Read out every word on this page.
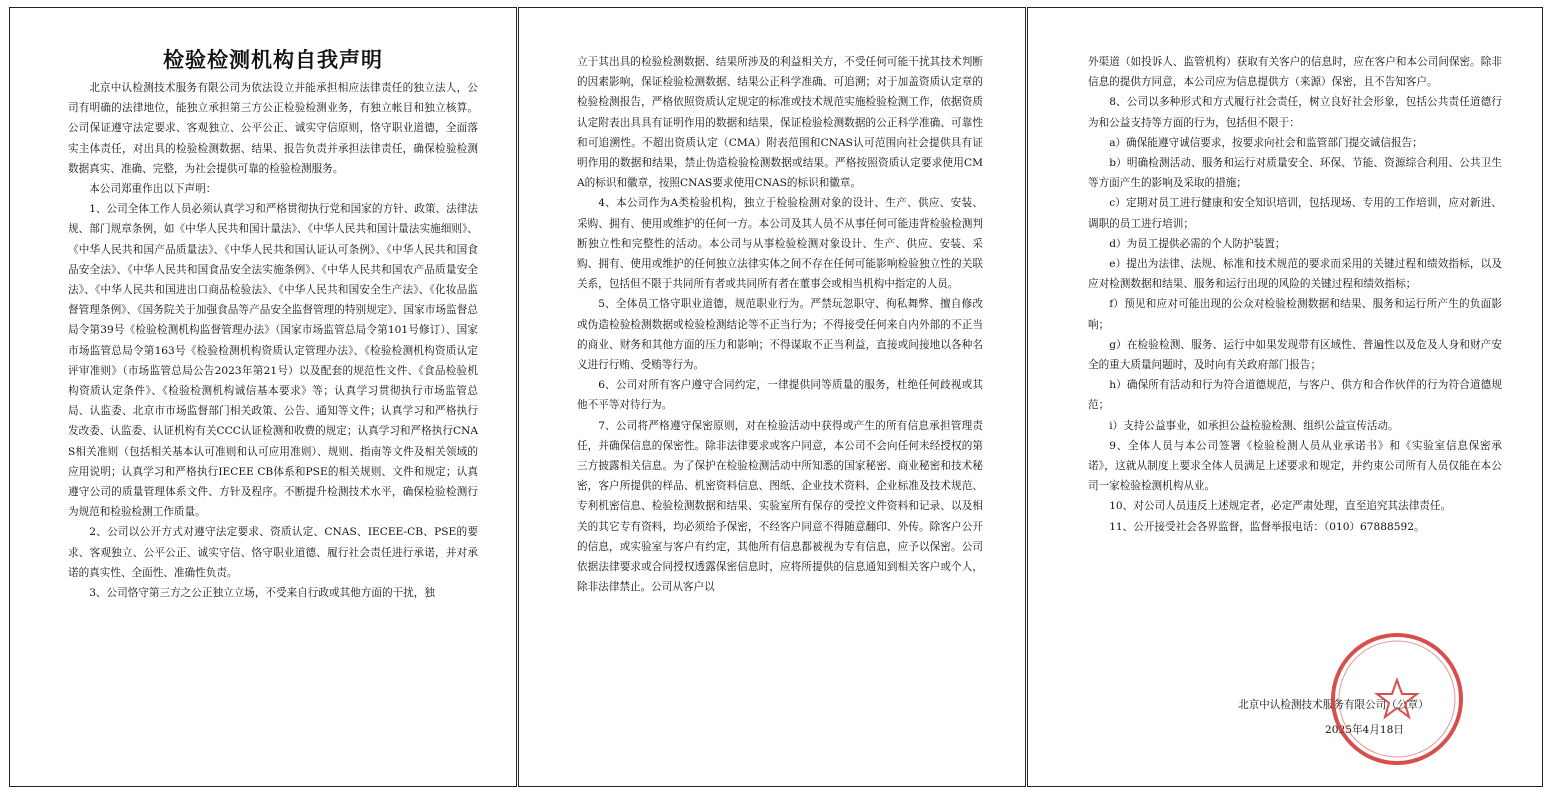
检验检测机构自我声明

北京中认检测技术服务有限公司为依法设立并能承担相应法律责任的独立法人，公司有明确的法律地位，能独立承担第三方公正检验检测业务，有独立帐目和独立核算。公司保证遵守法定要求、客观独立、公平公正、诚实守信原则，恪守职业道德，全面落实主体责任，对出具的检验检测数据、结果、报告负责并承担法律责任，确保检验检测数据真实、准确、完整，为社会提供可靠的检验检测服务。

本公司郑重作出以下声明：

1、公司全体工作人员必须认真学习和严格贯彻执行党和国家的方针、政策、法律法规、部门规章条例，如《中华人民共和国计量法》、《中华人民共和国计量法实施细则》、《中华人民共和国产品质量法》、《中华人民共和国认证认可条例》、《中华人民共和国食品安全法》、《中华人民共和国食品安全法实施条例》、《中华人民共和国农产品质量安全法》、《中华人民共和国进出口商品检验法》、《中华人民共和国安全生产法》、《化妆品监督管理条例》、《国务院关于加强食品等产品安全监督管理的特别规定》、国家市场监督总局令第39号《检验检测机构监督管理办法》（国家市场监管总局令第101号修订）、国家市场监管总局令第163号《检验检测机构资质认定管理办法》、《检验检测机构资质认定评审准则》（市场监管总局公告2023年第21号）以及配套的规范性文件、《食品检验机构资质认定条件》、《检验检测机构诚信基本要求》等；认真学习贯彻执行市场监管总局、认监委、北京市市场监督部门相关政策、公告、通知等文件；认真学习和严格执行发改委、认监委、认证机构有关CCC认证检测和收费的规定；认真学习和严格执行CNAS相关准则（包括相关基本认可准则和认可应用准则）、规则、指南等文件及相关领域的应用说明；认真学习和严格执行IECEE CB体系和PSE的相关规则、文件和规定；认真遵守公司的质量管理体系文件、方针及程序。不断提升检测技术水平，确保检验检测行为规范和检验检测工作质量。

2、公司以公开方式对遵守法定要求、资质认定、CNAS、IECEE-CB、PSE的要求、客观独立、公平公正、诚实守信、恪守职业道德、履行社会责任进行承诺，并对承诺的真实性、全面性、准确性负责。

3、公司恪守第三方之公正独立立场，不受来自行政或其他方面的干扰，独

立于其出具的检验检测数据、结果所涉及的利益相关方，不受任何可能干扰其技术判断的因素影响，保证检验检测数据、结果公正科学准确、可追溯；对于加盖资质认定章的检验检测报告，严格依照资质认定规定的标准或技术规范实施检验检测工作，依据资质认定附表出具具有证明作用的数据和结果，保证检验检测数据的公正科学准确、可靠性和可追溯性。不超出资质认定（CMA）附表范围和CNAS认可范围向社会提供具有证明作用的数据和结果，禁止伪造检验检测数据或结果。严格按照资质认定要求使用CMA的标识和徽章，按照CNAS要求使用CNAS的标识和徽章。

4、本公司作为A类检验机构，独立于检验检测对象的设计、生产、供应、安装、采购、拥有、使用或维护的任何一方。本公司及其人员不从事任何可能违背检验检测判断独立性和完整性的活动。本公司与从事检验检测对象设计、生产、供应、安装、采购、拥有、使用或维护的任何独立法律实体之间不存在任何可能影响检验独立性的关联关系，包括但不限于共同所有者或共同所有者在董事会或相当机构中指定的人员。

5、全体员工恪守职业道德，规范职业行为。严禁玩忽职守、徇私舞弊、擅自修改或伪造检验检测数据或检验检测结论等不正当行为；不得接受任何来自内外部的不正当的商业、财务和其他方面的压力和影响；不得谋取不正当利益，直接或间接地以各种名义进行行贿、受贿等行为。

6、公司对所有客户遵守合同约定，一律提供同等质量的服务，杜绝任何歧视或其他不平等对待行为。

7、公司将严格遵守保密原则，对在检验活动中获得或产生的所有信息承担管理责任，并确保信息的保密性。除非法律要求或客户同意，本公司不会向任何未经授权的第三方披露相关信息。为了保护在检验检测活动中所知悉的国家秘密、商业秘密和技术秘密，客户所提供的样品、机密资料信息、图纸、企业技术资料、企业标准及技术规范、专利机密信息、检验检测数据和结果、实验室所有保存的受控文件资料和记录、以及相关的其它专有资料，均必须给予保密，不经客户同意不得随意翻印、外传。除客户公开的信息，或实验室与客户有约定，其他所有信息都被视为专有信息，应予以保密。公司依据法律要求或合同授权透露保密信息时，应将所提供的信息通知到相关客户或个人，除非法律禁止。公司从客户以

外渠道（如投诉人、监管机构）获取有关客户的信息时，应在客户和本公司间保密。除非信息的提供方同意，本公司应为信息提供方（来源）保密，且不告知客户。

8、公司以多种形式和方式履行社会责任，树立良好社会形象，包括公共责任道德行为和公益支持等方面的行为，包括但不限于：

a）确保能遵守诚信要求，按要求向社会和监管部门提交诚信报告；

b）明确检测活动、服务和运行对质量安全、环保、节能、资源综合利用、公共卫生等方面产生的影响及采取的措施；

c）定期对员工进行健康和安全知识培训，包括现场、专用的工作培训，应对新进、调职的员工进行培训；

d）为员工提供必需的个人防护装置；

e）提出为法律、法规、标准和技术规范的要求而采用的关键过程和绩效指标，以及应对检测数据和结果、服务和运行出现的风险的关键过程和绩效指标；

f）预见和应对可能出现的公众对检验检测数据和结果、服务和运行所产生的负面影响；

g）在检验检测、服务、运行中如果发现带有区域性、普遍性以及危及人身和财产安全的重大质量问题时，及时向有关政府部门报告；

h）确保所有活动和行为符合道德规范，与客户、供方和合作伙伴的行为符合道德规范；

i）支持公益事业，如承担公益检验检测、组织公益宣传活动。

9、全体人员与本公司签署《检验检测人员从业承诺书》和《实验室信息保密承诺》，这就从制度上要求全体人员满足上述要求和规定，并约束公司所有人员仅能在本公司一家检验检测机构从业。

10、对公司人员违反上述规定者，必定严肃处理，直至追究其法律责任。

11、公开接受社会各界监督，监督举报电话：（010）67888592。

北京中认检测技术服务有限公司（公章）
2025年4月18日
